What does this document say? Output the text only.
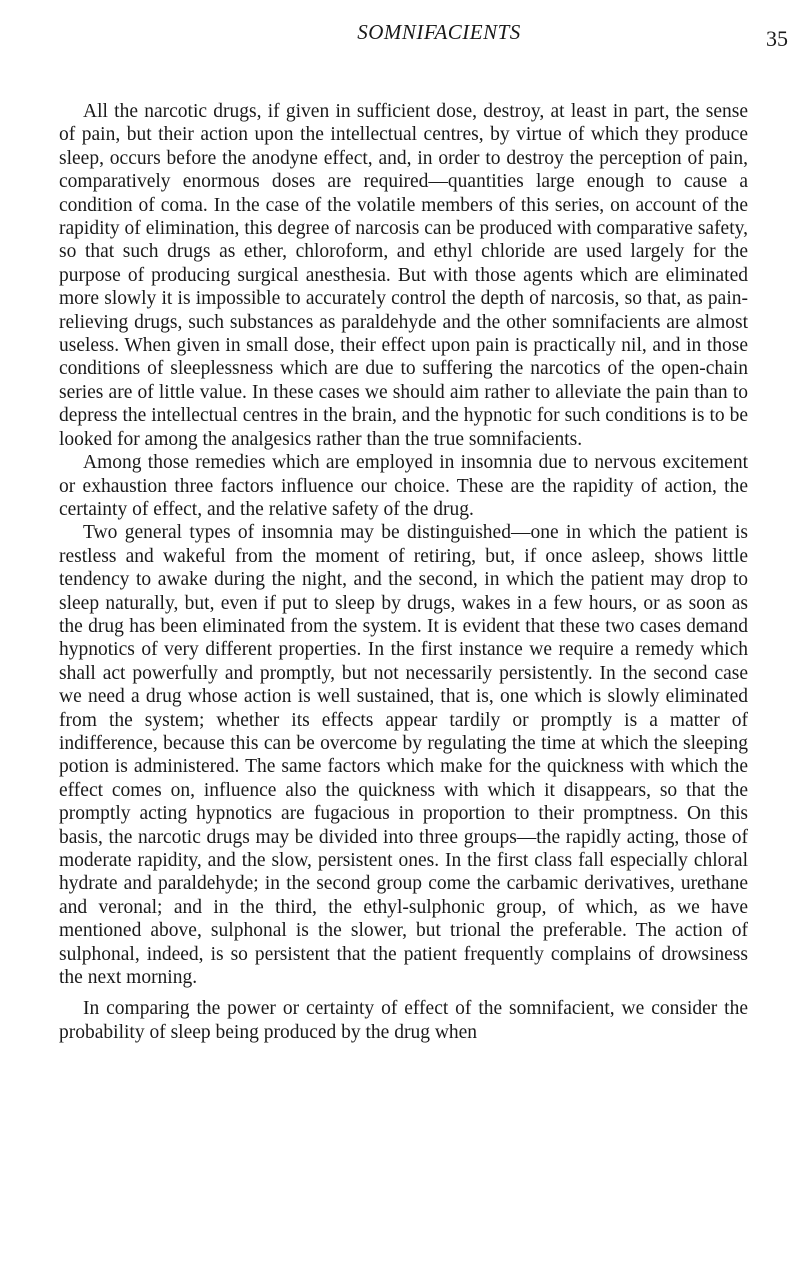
SOMNIFACIENTS	35

All the narcotic drugs, if given in sufficient dose, destroy, at least in part, the sense of pain, but their action upon the intellectual centres, by virtue of which they produce sleep, occurs before the anodyne effect, and, in order to destroy the perception of pain, comparatively enormous doses are required—quantities large enough to cause a condition of coma. In the case of the volatile members of this series, on account of the rapidity of elimination, this degree of narcosis can be produced with comparative safety, so that such drugs as ether, chloroform, and ethyl chloride are used largely for the purpose of producing surgical anesthesia. But with those agents which are eliminated more slowly it is impossible to accurately control the depth of narcosis, so that, as pain-relieving drugs, such substances as paraldehyde and the other somnifacients are almost useless. When given in small dose, their effect upon pain is practically nil, and in those conditions of sleeplessness which are due to suffering the narcotics of the open-chain series are of little value. In these cases we should aim rather to alleviate the pain than to depress the intellectual centres in the brain, and the hypnotic for such conditions is to be looked for among the analgesics rather than the true somnifacients.

Among those remedies which are employed in insomnia due to nervous excitement or exhaustion three factors influence our choice. These are the rapidity of action, the certainty of effect, and the relative safety of the drug.

Two general types of insomnia may be distinguished—one in which the patient is restless and wakeful from the moment of retiring, but, if once asleep, shows little tendency to awake during the night, and the second, in which the patient may drop to sleep naturally, but, even if put to sleep by drugs, wakes in a few hours, or as soon as the drug has been eliminated from the system. It is evident that these two cases demand hypnotics of very different properties. In the first instance we require a remedy which shall act powerfully and promptly, but not necessarily persistently. In the second case we need a drug whose action is well sustained, that is, one which is slowly eliminated from the system; whether its effects appear tardily or promptly is a matter of indifference, because this can be overcome by regulating the time at which the sleeping potion is administered. The same factors which make for the quickness with which the effect comes on, influence also the quickness with which it disappears, so that the promptly acting hypnotics are fugacious in proportion to their promptness. On this basis, the narcotic drugs may be divided into three groups—the rapidly acting, those of moderate rapidity, and the slow, persistent ones. In the first class fall especially chloral hydrate and paraldehyde; in the second group come the carbamic derivatives, urethane and veronal; and in the third, the ethyl-sulphonic group, of which, as we have mentioned above, sulphonal is the slower, but trional the preferable. The action of sulphonal, indeed, is so persistent that the patient frequently complains of drowsiness the next morning.

In comparing the power or certainty of effect of the somnifacient, we consider the probability of sleep being produced by the drug when
